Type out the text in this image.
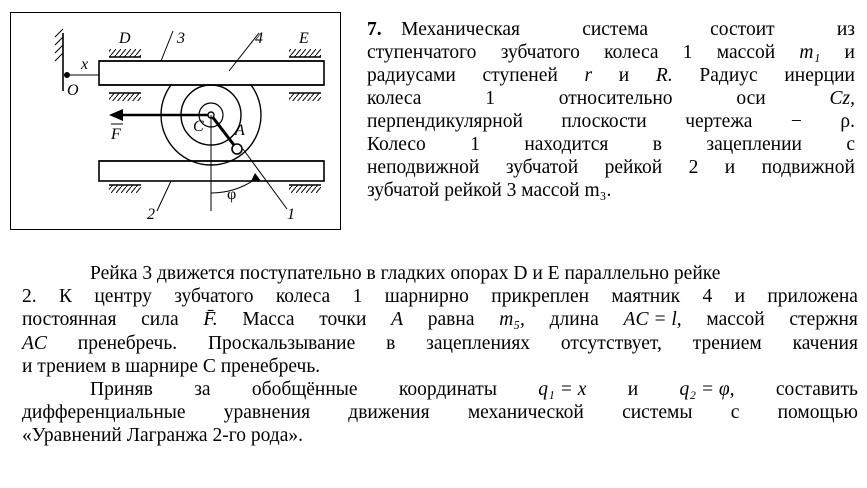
D	E
x
O
3	4
2	1
F	C A
φ
7. Механическая	система	состоит	из
ступенчатого зубчатого колеса 1 массой m₁ и
радиусами ступеней r и R. Радиус инерции
колеса	1	относительно	оси	Cz,
перпендикулярной плоскости чертежа − ρ.
Колесо 1 находится в зацеплении с
неподвижной зубчатой рейкой 2 и подвижной
зубчатой рейкой 3 массой m₃.
Рейка 3 движется поступательно в гладких опорах D и E параллельно рейке
2. К центру зубчатого колеса 1 шарнирно прикреплен маятник 4 и приложена
постоянная сила F̄. Масса точки A равна m₅, длина AC = l, массой стержня
AC пренебречь. Проскальзывание в зацеплениях отсутствует, трением качения
и трением в шарнире C пренебречь.
Приняв за обобщённые координаты q₁ = x и q₂ = φ, составить
дифференциальные уравнения движения механической системы с помощью
«Уравнений Лагранжа 2-го рода».
